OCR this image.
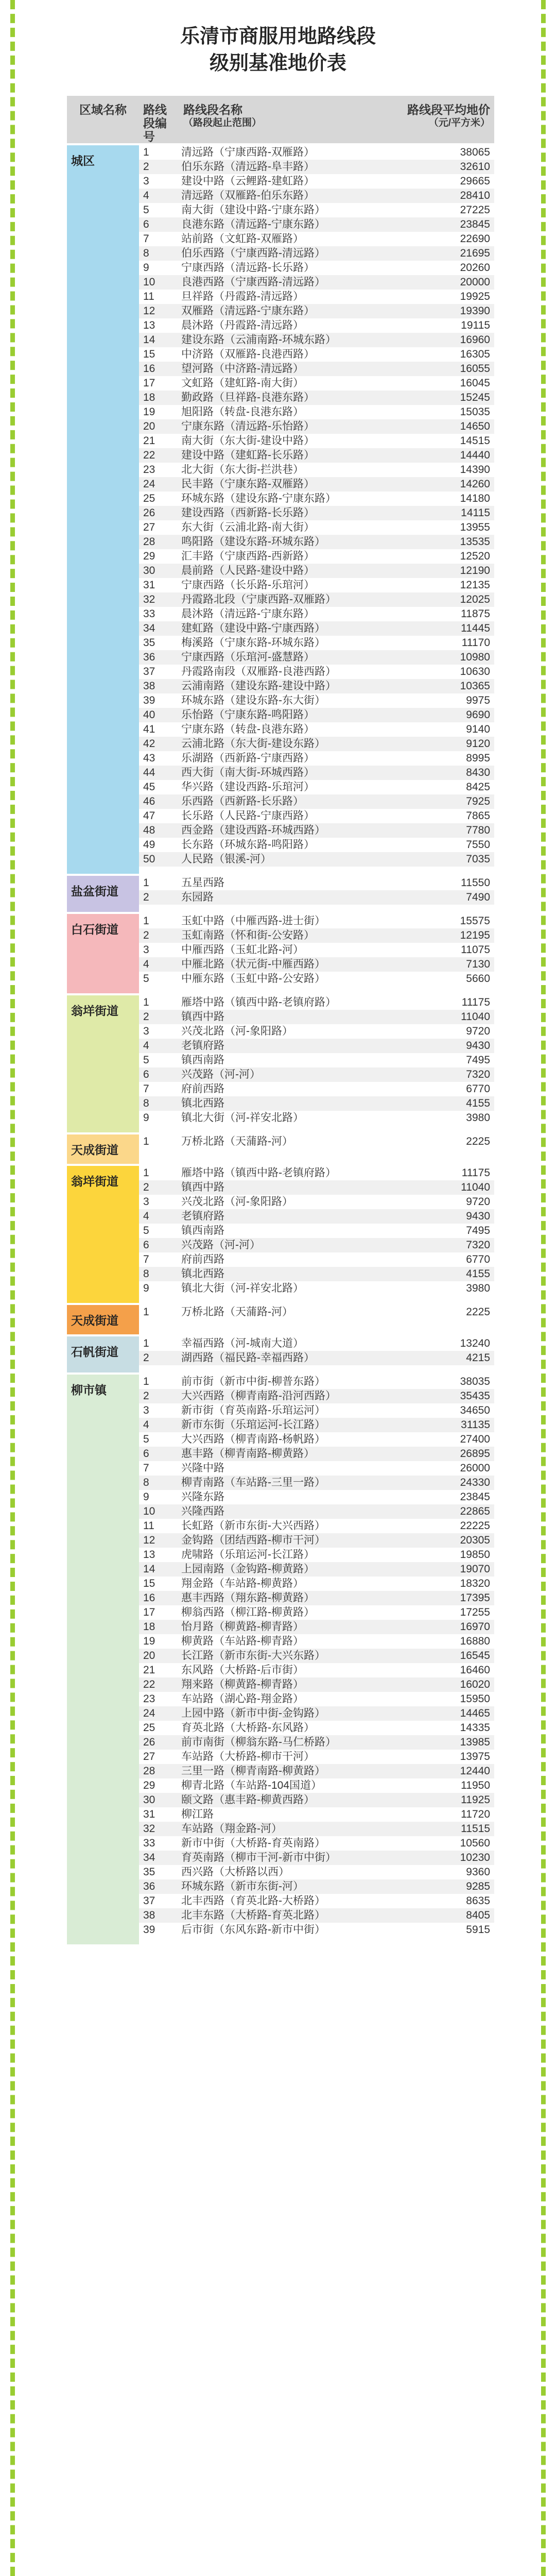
乐清市商服用地路线段
级别基准地价表
区域名称	路线段编号
路线段名称
（路段起止范围）
路线段平均地价
（元/平方米）
城区
1	清远路（宁康西路-双雁路）	38065
2	伯乐东路（清远路-阜丰路）	32610
3	建设中路（云鲤路-建虹路）	29665
4	清远路（双雁路-伯乐东路）	28410
5	南大街（建设中路-宁康东路）	27225
6	良港东路（清远路-宁康东路）	23845
7	站前路（文虹路-双雁路）	22690
8	伯乐西路（宁康西路-清远路）	21695
9	宁康西路（清远路-长乐路）	20260
10	良港西路（宁康西路-清远路）	20000
11	旦祥路（丹霞路-清远路）	19925
12	双雁路（清远路-宁康东路）	19390
13	晨沐路（丹霞路-清远路）	19115
14	建设东路（云浦南路-环城东路）	16960
15	中济路（双雁路-良港西路）	16305
16	望河路（中济路-清远路）	16055
17	文虹路（建虹路-南大街）	16045
18	勤政路（旦祥路-良港东路）	15245
19	旭阳路（转盘-良港东路）	15035
20	宁康东路（清远路-乐怡路）	14650
21	南大街（东大街-建设中路）	14515
22	建设中路（建虹路-长乐路）	14440
23	北大街（东大街-拦洪巷）	14390
24	民丰路（宁康东路-双雁路）	14260
25	环城东路（建设东路-宁康东路）	14180
26	建设西路（西新路-长乐路）	14115
27	东大街（云浦北路-南大街）	13955
28	鸣阳路（建设东路-环城东路）	13535
29	汇丰路（宁康西路-西新路）	12520
30	晨前路（人民路-建设中路）	12190
31	宁康西路（长乐路-乐琯河）	12135
32	丹霞路北段（宁康西路-双雁路）	12025
33	晨沐路（清远路-宁康东路）	11875
34	建虹路（建设中路-宁康西路）	11445
35	梅溪路（宁康东路-环城东路）	11170
36	宁康西路（乐琯河-盛慧路）	10980
37	丹霞路南段（双雁路-良港西路）	10630
38	云浦南路（建设东路-建设中路）	10365
39	环城东路（建设东路-东大街）	9975
40	乐怡路（宁康东路-鸣阳路）	9690
41	宁康东路（转盘-良港东路）	9140
42	云浦北路（东大街-建设东路）	9120
43	乐湖路（西新路-宁康西路）	8995
44	西大街（南大街-环城西路）	8430
45	华兴路（建设西路-乐琯河）	8425
46	乐西路（西新路-长乐路）	7925
47	长乐路（人民路-宁康西路）	7865
48	西金路（建设西路-环城西路）	7780
49	长东路（环城东路-鸣阳路）	7550
50	人民路（银溪-河）	7035
盐盆街道
1	五星西路	11550
2	东园路	7490
白石街道
1	玉虹中路（中雁西路-进士街）	15575
2	玉虹南路（怀和街-公安路）	12195
3	中雁西路（玉虹北路-河）	11075
4	中雁北路（状元街-中雁西路）	7130
5	中雁东路（玉虹中路-公安路）	5660
翁垟街道
1	雁塔中路（镇西中路-老镇府路）	11175
2	镇西中路	11040
3	兴茂北路（河-象阳路）	9720
4	老镇府路	9430
5	镇西南路	7495
6	兴茂路（河-河）	7320
7	府前西路	6770
8	镇北西路	4155
9	镇北大街（河-祥安北路）	3980
天成街道
1	万桥北路（天蒲路-河）	2225
翁垟街道
1	雁塔中路（镇西中路-老镇府路）	11175
2	镇西中路	11040
3	兴茂北路（河-象阳路）	9720
4	老镇府路	9430
5	镇西南路	7495
6	兴茂路（河-河）	7320
7	府前西路	6770
8	镇北西路	4155
9	镇北大街（河-祥安北路）	3980
天成街道
1	万桥北路（天蒲路-河）	2225
石帆街道
1	幸福西路（河-城南大道）	13240
2	湖西路（福民路-幸福西路）	4215
柳市镇
1	前市街（新市中街-柳普东路）	38035
2	大兴西路（柳青南路-沿河西路）	35435
3	新市街（育英南路-乐琯运河）	34650
4	新市东街（乐琯运河-长江路）	31135
5	大兴西路（柳青南路-杨帆路）	27400
6	惠丰路（柳青南路-柳黄路）	26895
7	兴隆中路	26000
8	柳青南路（车站路-三里一路）	24330
9	兴隆东路	23845
10	兴隆西路	22865
11	长虹路（新市东街-大兴西路）	22225
12	金钩路（团结西路-柳市干河）	20305
13	虎啸路（乐琯运河-长江路）	19850
14	上园南路（金钩路-柳黄路）	19070
15	翔金路（车站路-柳黄路）	18320
16	惠丰西路（翔东路-柳黄路）	17395
17	柳翁西路（柳江路-柳黄路）	17255
18	怡月路（柳黄路-柳青路）	16970
19	柳黄路（车站路-柳青路）	16880
20	长江路（新市东街-大兴东路）	16545
21	东风路（大桥路-后市街）	16460
22	翔来路（柳黄路-柳青路）	16020
23	车站路（湖心路-翔金路）	15950
24	上园中路（新市中街-金钩路）	14465
25	育英北路（大桥路-东风路）	14335
26	前市南街（柳翁东路-马仁桥路）	13985
27	车站路（大桥路-柳市干河）	13975
28	三里一路（柳青南路-柳黄路）	12440
29	柳青北路（车站路-104国道）	11950
30	颐文路（惠丰路-柳黄西路）	11925
31	柳江路	11720
32	车站路（翔金路-河）	11515
33	新市中街（大桥路-育英南路）	10560
34	育英南路（柳市干河-新市中街）	10230
35	西兴路（大桥路以西）	9360
36	环城东路（新市东街-河）	9285
37	北丰西路（育英北路-大桥路）	8635
38	北丰东路（大桥路-育英北路）	8405
39	后市街（东风东路-新市中街）	5915
